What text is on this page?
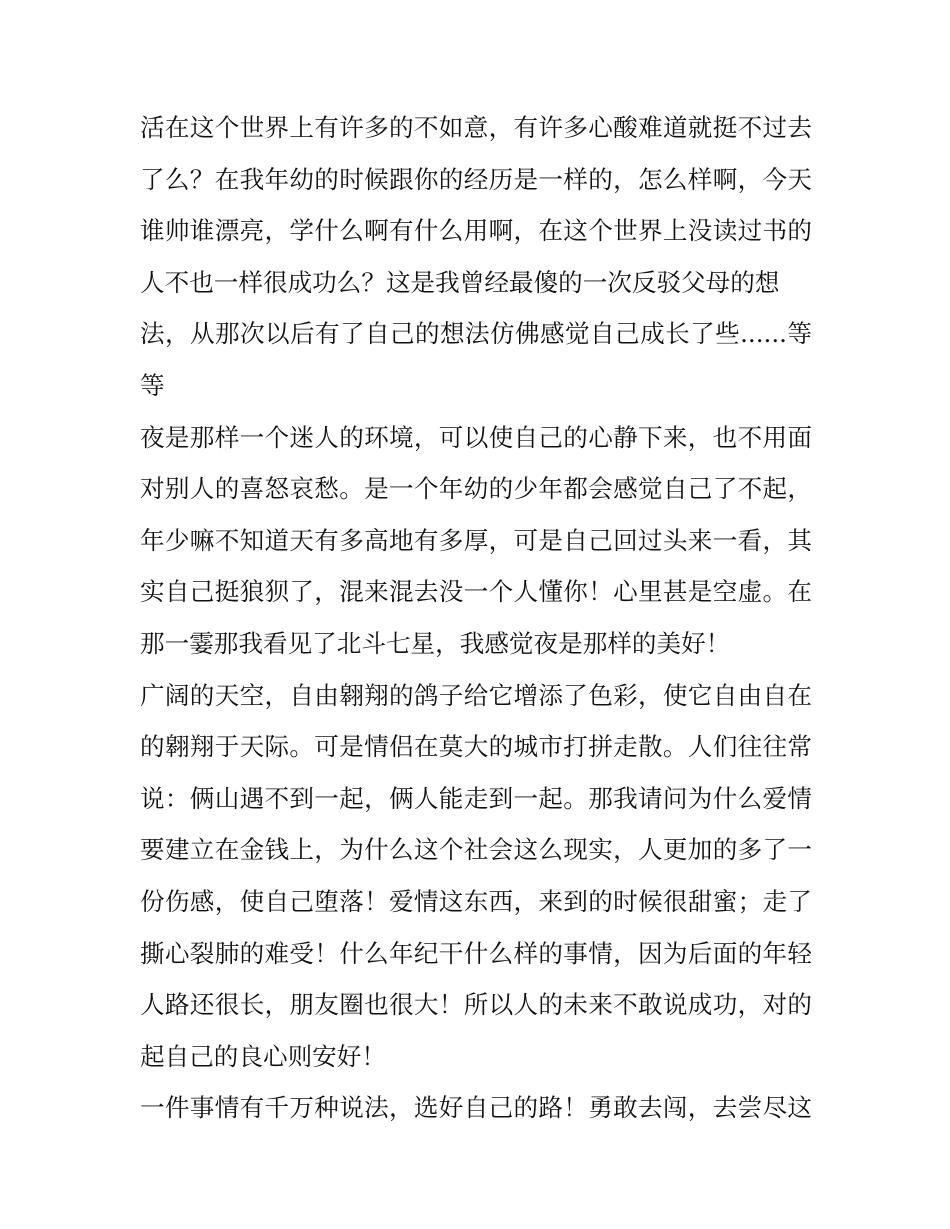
活在这个世界上有许多的不如意，有许多心酸难道就挺不过去
了么？在我年幼的时候跟你的经历是一样的，怎么样啊，今天
谁帅谁漂亮，学什么啊有什么用啊，在这个世界上没读过书的
人不也一样很成功么？这是我曾经最傻的一次反驳父母的想
法，从那次以后有了自己的想法仿佛感觉自己成长了些......等
等
夜是那样一个迷人的环境，可以使自己的心静下来，也不用面
对别人的喜怒哀愁。是一个年幼的少年都会感觉自己了不起，
年少嘛不知道天有多高地有多厚，可是自己回过头来一看，其
实自己挺狼狈了，混来混去没一个人懂你！心里甚是空虚。在
那一霎那我看见了北斗七星，我感觉夜是那样的美好！
广阔的天空，自由翱翔的鸽子给它增添了色彩，使它自由自在
的翱翔于天际。可是情侣在莫大的城市打拼走散。人们往往常
说：俩山遇不到一起，俩人能走到一起。那我请问为什么爱情
要建立在金钱上，为什么这个社会这么现实，人更加的多了一
份伤感，使自己堕落！爱情这东西，来到的时候很甜蜜；走了
撕心裂肺的难受！什么年纪干什么样的事情，因为后面的年轻
人路还很长，朋友圈也很大！所以人的未来不敢说成功，对的
起自己的良心则安好！
一件事情有千万种说法，选好自己的路！勇敢去闯，去尝尽这
